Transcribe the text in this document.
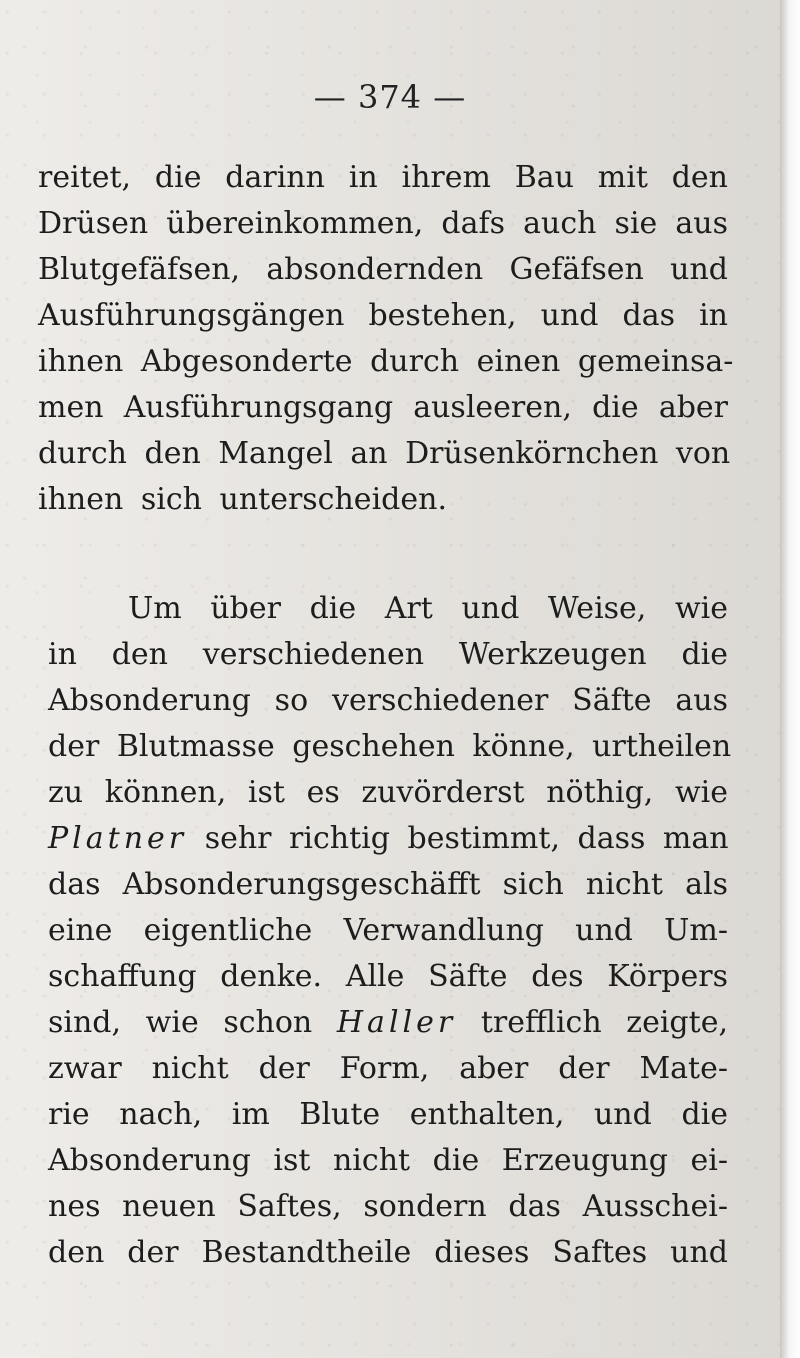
— 374 —
reitet, die darinn in ihrem Bau mit den
Drüsen übereinkommen, dafs auch sie aus
Blutgefäfsen, absondernden Gefäfsen und
Ausführungsgängen bestehen, und das in
ihnen Abgesonderte durch einen gemeinsa-
men Ausführungsgang ausleeren, die aber
durch den Mangel an Drüsenkörnchen von
ihnen sich unterscheiden.
Um über die Art und Weise, wie
in den verschiedenen Werkzeugen die
Absonderung so verschiedener Säfte aus
der Blutmasse geschehen könne, urtheilen
zu können, ist es zuvörderst nöthig, wie
Platner sehr richtig bestimmt, dass man
das Absonderungsgeschäfft sich nicht als
eine eigentliche Verwandlung und Um-
schaffung denke. Alle Säfte des Körpers
sind, wie schon Haller trefflich zeigte,
zwar nicht der Form, aber der Mate-
rie nach, im Blute enthalten, und die
Absonderung ist nicht die Erzeugung ei-
nes neuen Saftes, sondern das Ausschei-
den der Bestandtheile dieses Saftes und
